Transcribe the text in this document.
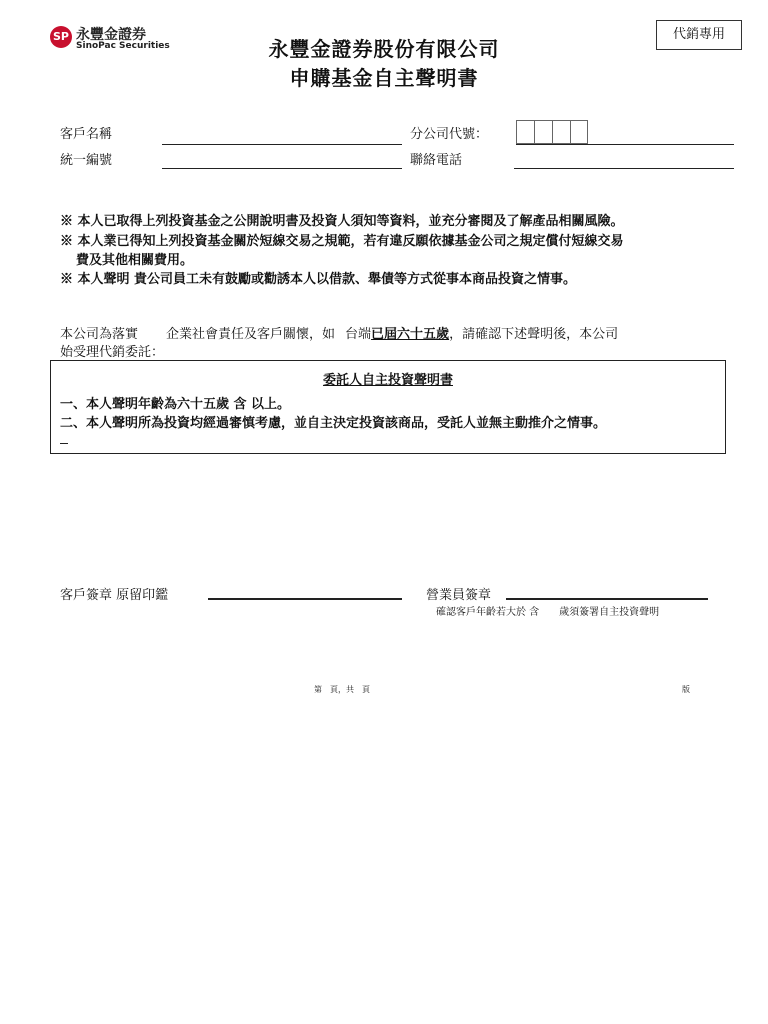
SP 永豐金證券
SinoPac Securities
代銷專用
永豐金證券股份有限公司
申購基金自主聲明書
客戶名稱	分公司代號：
統一編號	聯絡電話
※ 本人已取得上列投資基金之公開說明書及投資人須知等資料，並充分審閱及了解產品相關風險。
※ 本人業已得知上列投資基金關於短線交易之規範，若有違反願依據基金公司之規定償付短線交易
費及其他相關費用。
※ 本人聲明 貴公司員工未有鼓勵或勸誘本人以借款、舉債等方式從事本商品投資之情事。
本公司為落實 企業社會責任及客戶關懷，如 台端已屆六十五歲，請確認下述聲明後，本公司
始受理代銷委託：
委託人自主投資聲明書
一、本人聲明年齡為六十五歲 含 以上。
二、本人聲明所為投資均經過審慎考慮，並自主決定投資該商品，受託人並無主動推介之情事。
客戶簽章 原留印鑑	營業員簽章
確認客戶年齡若大於 含　　歲須簽署自主投資聲明
第　頁，共　頁	版
